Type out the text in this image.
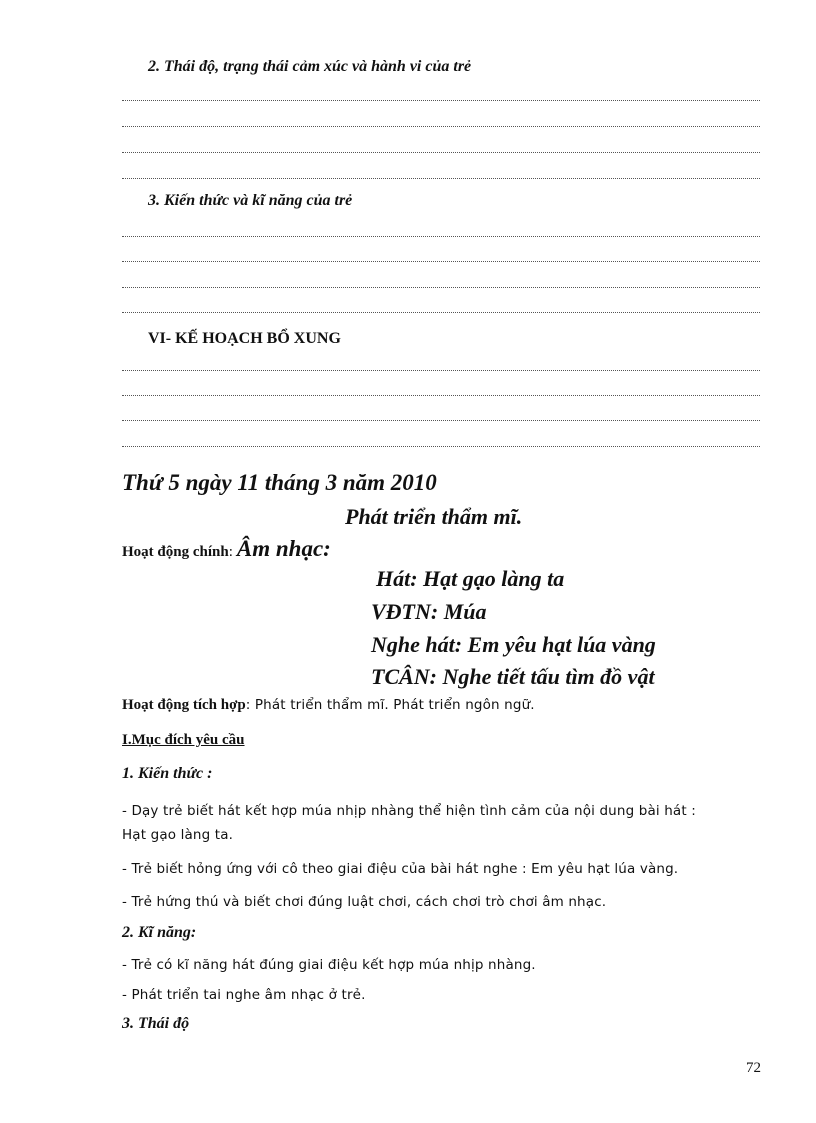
2. Thái độ, trạng thái cảm xúc và hành vi của trẻ
3. Kiến thức và kĩ năng của trẻ
VI- KẾ HOẠCH BỔ XUNG
Thứ 5 ngày 11 tháng 3 năm 2010
Phát triển thẩm mĩ.
Hoạt động chính: Âm nhạc:
Hát: Hạt gạo làng ta
VĐTN: Múa
Nghe hát: Em yêu hạt lúa vàng
TCÂN: Nghe tiết tấu tìm đồ vật
Hoạt động tích hợp: Phát triển thẩm mĩ. Phát triển ngôn ngữ.
I.Mục đích yêu cầu
1. Kiến thức :
- Dạy trẻ biết hát kết hợp múa nhịp nhàng thể hiện tình cảm của nội dung bài hát :
Hạt gạo làng ta.
- Trẻ biết hỏng ứng với cô theo giai điệu của bài hát nghe : Em yêu hạt lúa vàng.
- Trẻ hứng thú và biết chơi đúng luật chơi, cách chơi trò chơi âm nhạc.
2. Kĩ năng:
- Trẻ có kĩ năng hát đúng giai điệu kết hợp múa nhịp nhàng.
- Phát triển tai nghe âm nhạc ở trẻ.
3. Thái độ
72
